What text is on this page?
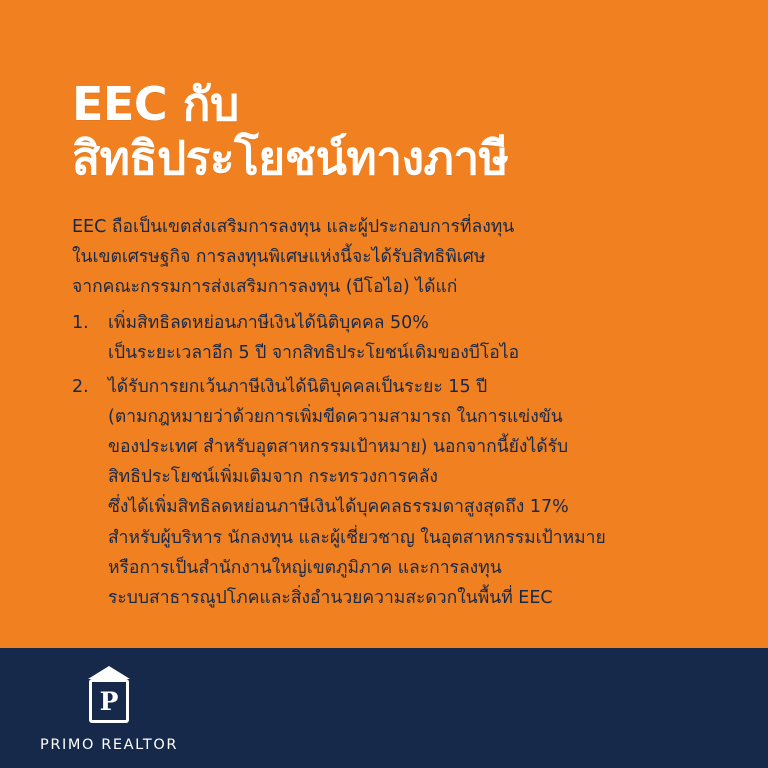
EEC กับ
สิทธิประโยชน์ทางภาษี

EEC ถือเป็นเขตส่งเสริมการลงทุน และผู้ประกอบการที่ลงทุน
ในเขตเศรษฐกิจ การลงทุนพิเศษแห่งนี้จะได้รับสิทธิพิเศษ
จากคณะกรรมการส่งเสริมการลงทุน (บีโอไอ) ได้แก่

1.	เพิ่มสิทธิลดหย่อนภาษีเงินได้นิติบุคคล 50%
เป็นระยะเวลาอีก 5 ปี จากสิทธิประโยชน์เดิมของบีโอไอ
2.	ได้รับการยกเว้นภาษีเงินได้นิติบุคคลเป็นระยะ 15 ปี
(ตามกฎหมายว่าด้วยการเพิ่มขีดความสามารถ ในการแข่งขัน
ของประเทศ สำหรับอุตสาหกรรมเป้าหมาย) นอกจากนี้ยังได้รับ
สิทธิประโยชน์เพิ่มเติมจาก กระทรวงการคลัง
ซึ่งได้เพิ่มสิทธิลดหย่อนภาษีเงินได้บุคคลธรรมดาสูงสุดถึง 17%
สำหรับผู้บริหาร นักลงทุน และผู้เชี่ยวชาญ ในอุตสาหกรรมเป้าหมาย
หรือการเป็นสำนักงานใหญ่เขตภูมิภาค และการลงทุน
ระบบสาธารณูปโภคและสิ่งอำนวยความสะดวกในพื้นที่ EEC
P
PRIMO REALTOR
